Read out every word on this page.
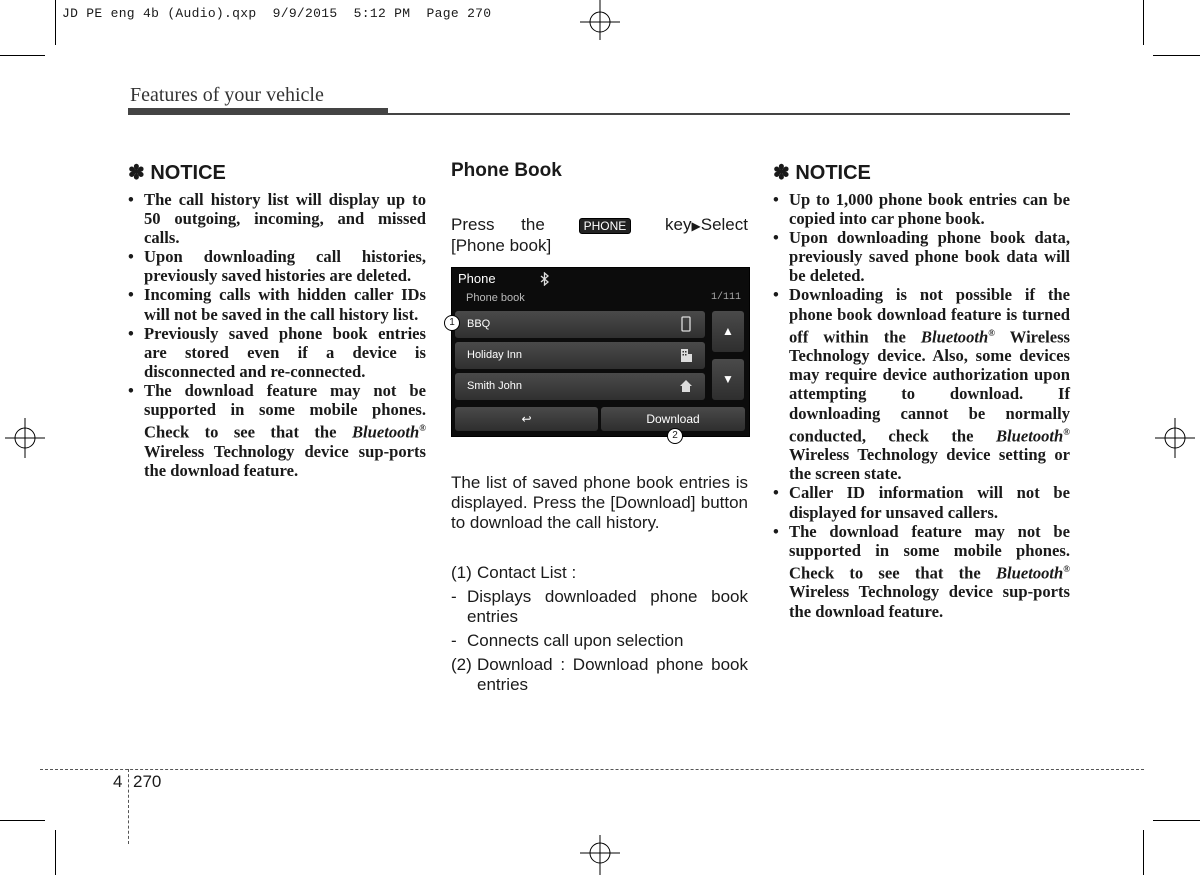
JD PE eng 4b (Audio).qxp  9/9/2015  5:12 PM  Page 270
Features of your vehicle
✽ NOTICE
• The call history list will display up to 50 outgoing, incoming, and missed calls.
• Upon downloading call histories, previously saved histories are deleted.
• Incoming calls with hidden caller IDs will not be saved in the call history list.
• Previously saved phone book entries are stored even if a device is disconnected and re-connected.
• The download feature may not be supported in some mobile phones. Check to see that the Bluetooth® Wireless Technology device sup-ports the download feature.
Phone Book
Press the	PHONE key▶Select
[Phone book]
Phone
Phone book	1/111
BBQ
Holiday Inn
Smith John
▲
▼
↩	Download
1
2
The list of saved phone book entries is displayed. Press the [Download] button to download the call history.
(1) Contact List :
- Displays downloaded phone book entries
- Connects call upon selection
(2) Download : Download phone book entries
✽ NOTICE
• Up to 1,000 phone book entries can be copied into car phone book.
• Upon downloading phone book data, previously saved phone book data will be deleted.
• Downloading is not possible if the phone book download feature is turned off within the Bluetooth® Wireless Technology device. Also, some devices may require device authorization upon attempting to download. If downloading cannot be normally conducted, check the Bluetooth® Wireless Technology device setting or the screen state.
• Caller ID information will not be displayed for unsaved callers.
• The download feature may not be supported in some mobile phones. Check to see that the Bluetooth® Wireless Technology device sup-ports the download feature.
4 270
